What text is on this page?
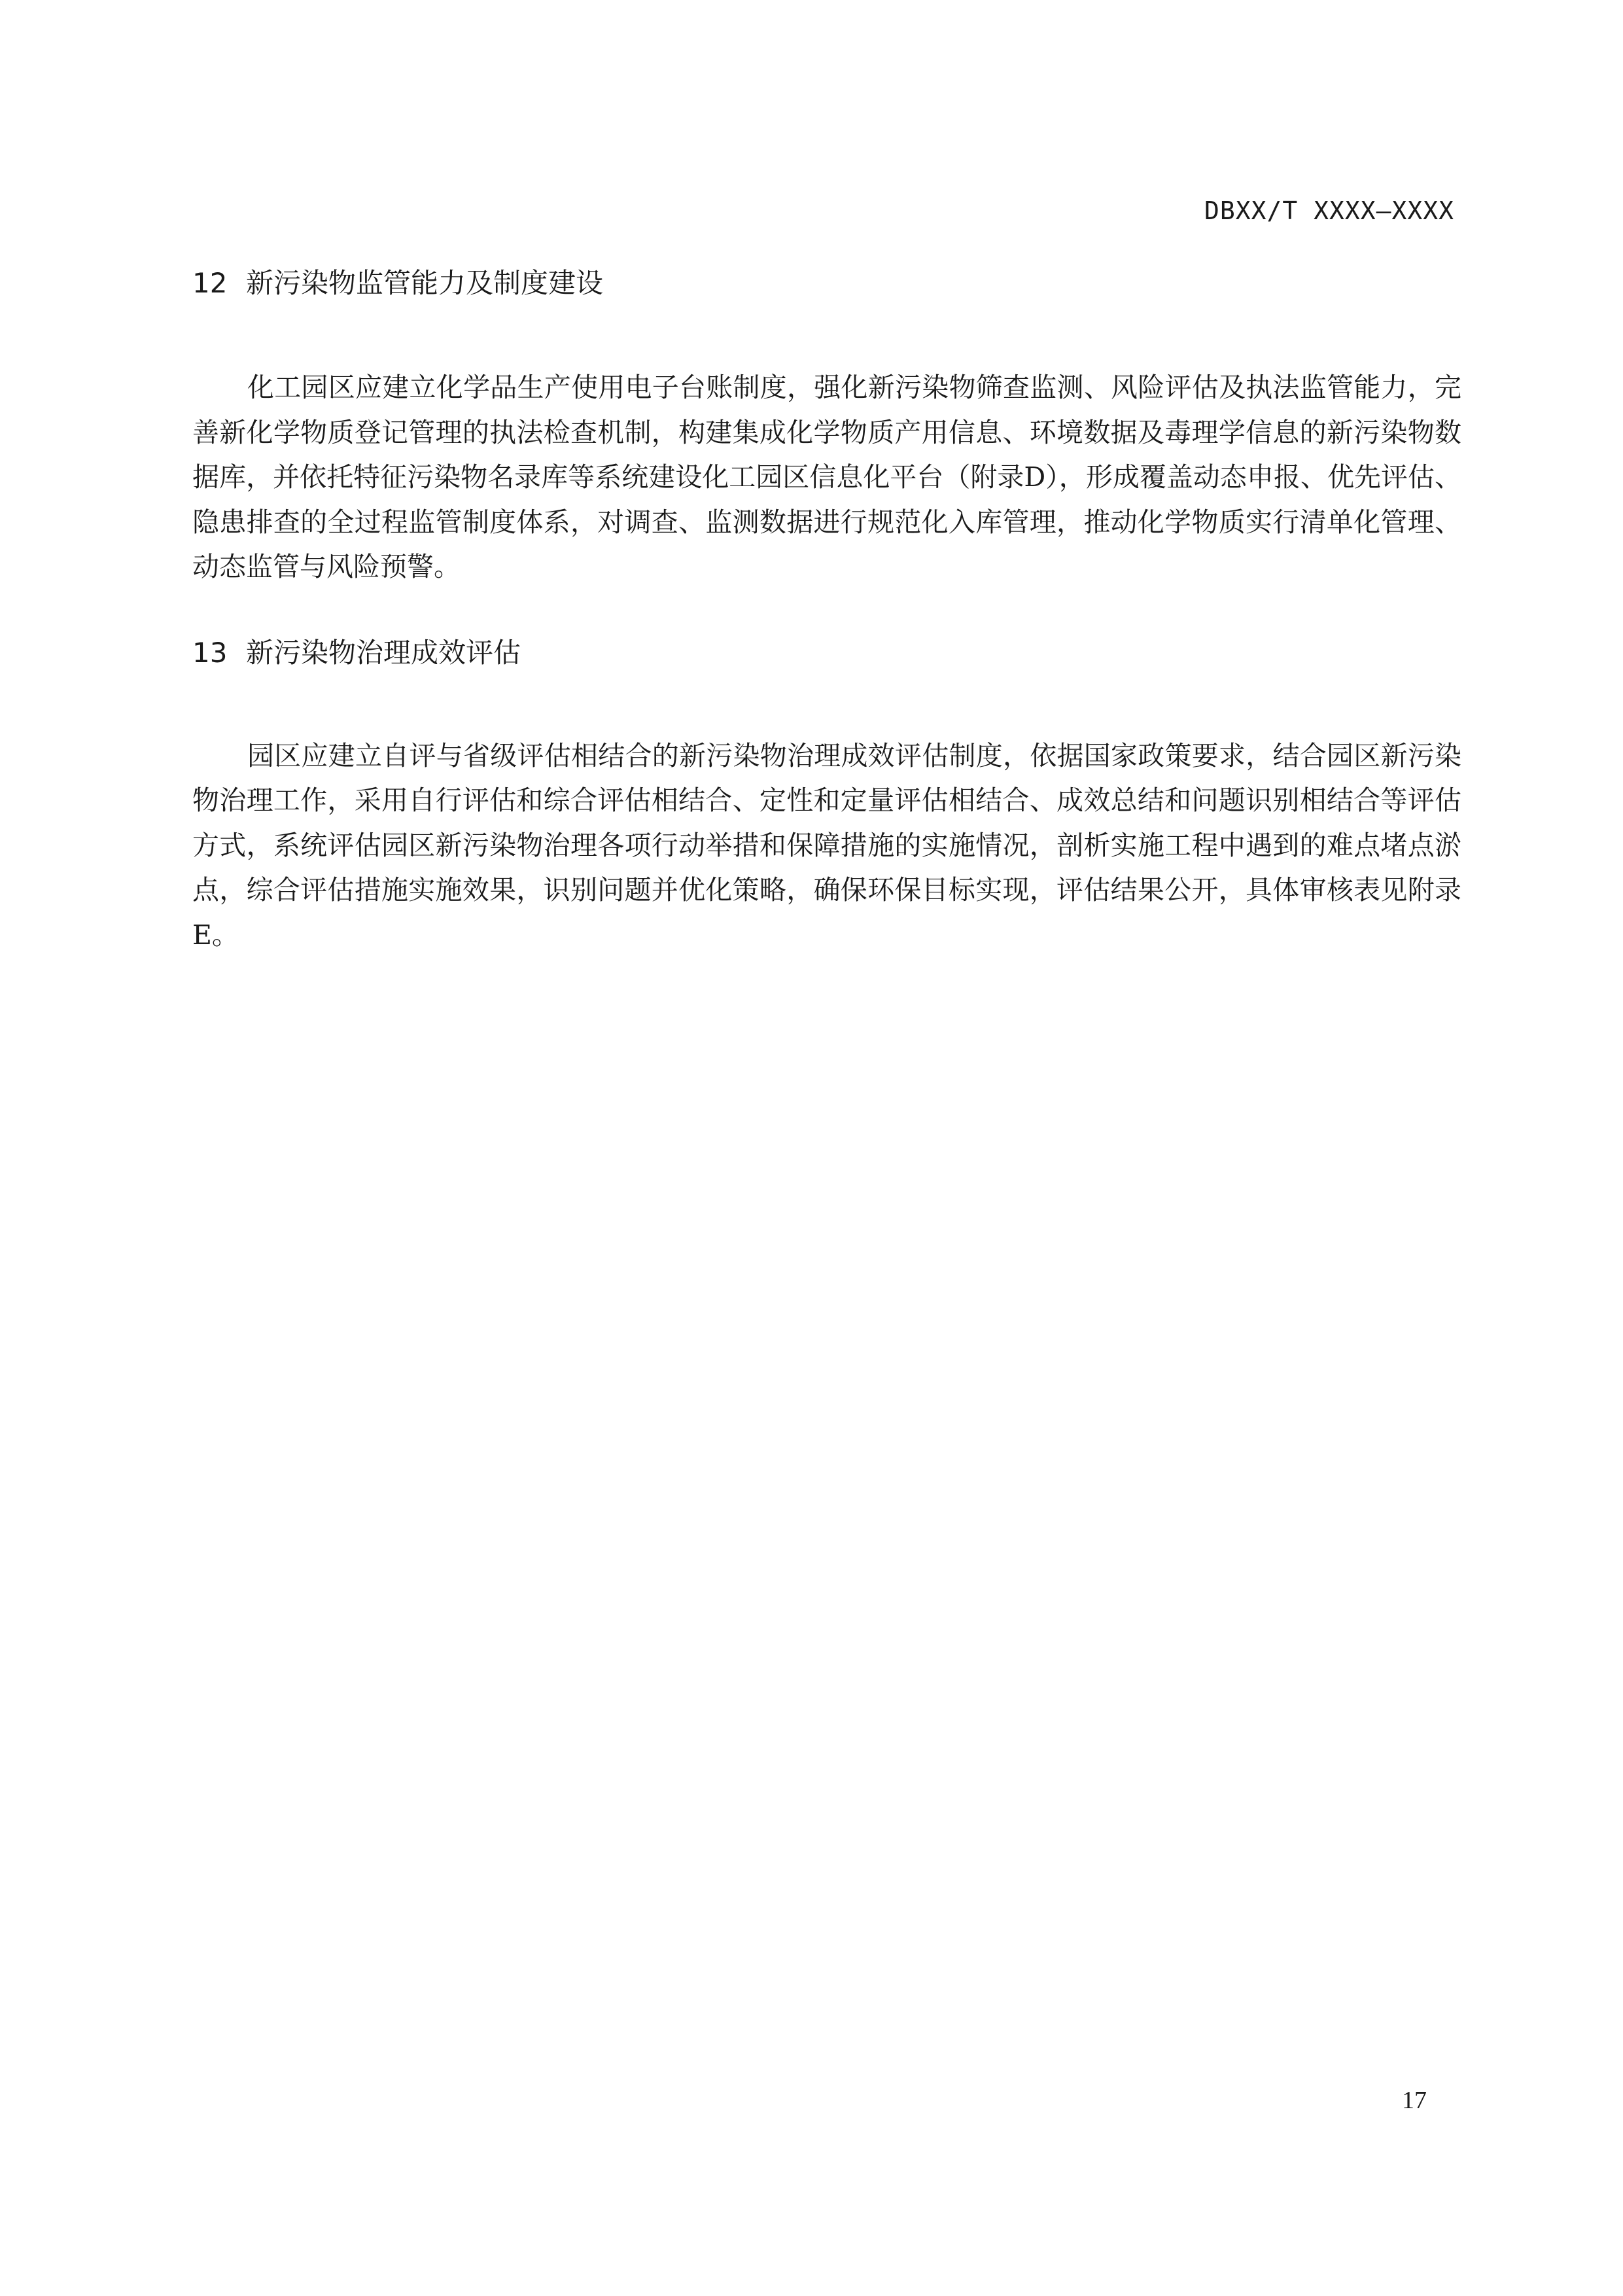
DBXX/T XXXX—XXXX
12 新污染物监管能力及制度建设

化工园区应建立化学品生产使用电子台账制度，强化新污染物筛查监测、风险评估及执法监管能力，完善新化学物质登记管理的执法检查机制，构建集成化学物质产用信息、环境数据及毒理学信息的新污染物数据库，并依托特征污染物名录库等系统建设化工园区信息化平台（附录D），形成覆盖动态申报、优先评估、隐患排查的全过程监管制度体系，对调查、监测数据进行规范化入库管理，推动化学物质实行清单化管理、动态监管与风险预警。

13 新污染物治理成效评估

园区应建立自评与省级评估相结合的新污染物治理成效评估制度，依据国家政策要求，结合园区新污染物治理工作，采用自行评估和综合评估相结合、定性和定量评估相结合、成效总结和问题识别相结合等评估方式，系统评估园区新污染物治理各项行动举措和保障措施的实施情况，剖析实施工程中遇到的难点堵点淤点，综合评估措施实施效果，识别问题并优化策略，确保环保目标实现，评估结果公开，具体审核表见附录E。

17
